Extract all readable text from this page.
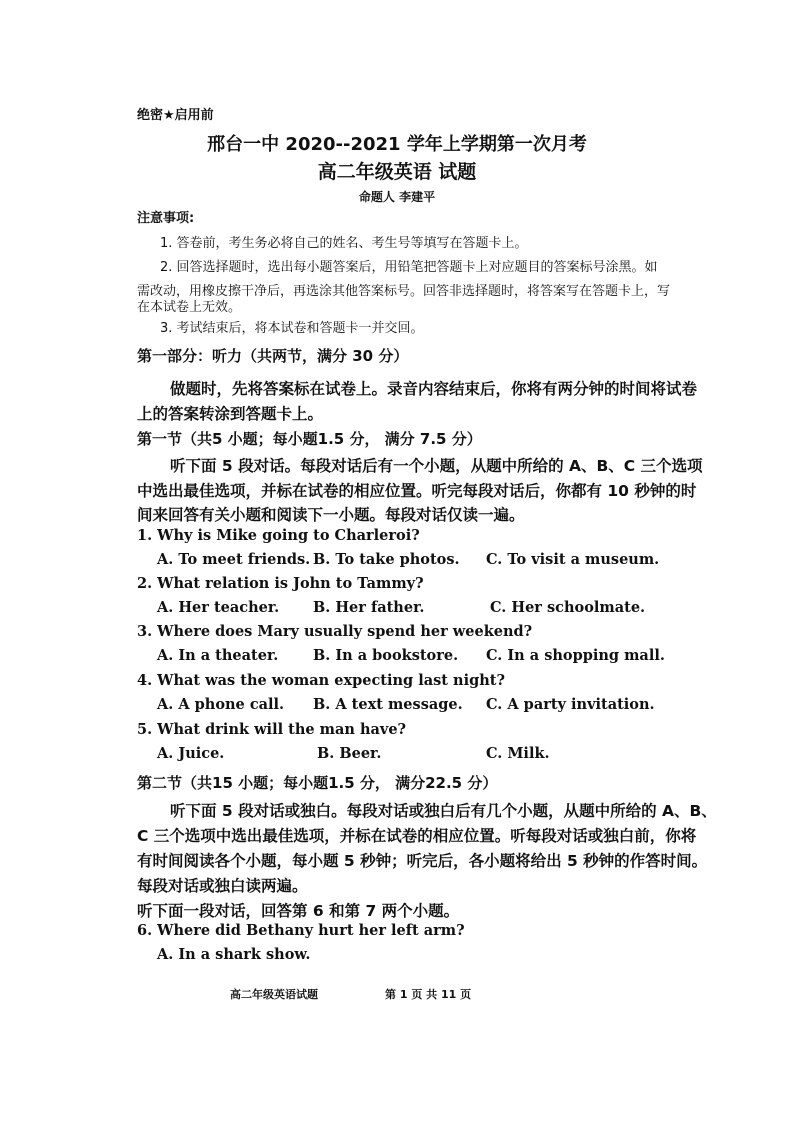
绝密★启用前
邢台一中 2020--2021 学年上学期第一次月考
高二年级英语 试题
命题人 李建平
注意事项:
1. 答卷前，考生务必将自己的姓名、考生号等填写在答题卡上。
2. 回答选择题时，选出每小题答案后，用铅笔把答题卡上对应题目的答案标号涂黑。如
需改动，用橡皮擦干净后，再选涂其他答案标号。回答非选择题时，将答案写在答题卡上，写
在本试卷上无效。
3. 考试结束后，将本试卷和答题卡一并交回。
第一部分：听力（共两节，满分 30 分）
做题时，先将答案标在试卷上。录音内容结束后，你将有两分钟的时间将试卷
上的答案转涂到答题卡上。
第一节（共5 小题；每小题1.5 分， 满分 7.5 分）
听下面 5 段对话。每段对话后有一个小题，从题中所给的 A、B、C 三个选项
中选出最佳选项，并标在试卷的相应位置。听完每段对话后，你都有 10 秒钟的时
间来回答有关小题和阅读下一小题。每段对话仅读一遍。
1. Why is Mike going to Charleroi?
A. To meet friends. B. To take photos. C. To visit a museum.
2. What relation is John to Tammy?
A. Her teacher. B. Her father.	C. Her schoolmate.
3. Where does Mary usually spend her weekend?
A. In a theater. B. In a bookstore. C. In a shopping mall.
4. What was the woman expecting last night?
A. A phone call. B. A text message. C. A party invitation.
5. What drink will the man have?
A. Juice.	B. Beer.	C. Milk.
第二节（共15 小题；每小题1.5 分， 满分22.5 分）
听下面 5 段对话或独白。每段对话或独白后有几个小题，从题中所给的 A、B、
C 三个选项中选出最佳选项，并标在试卷的相应位置。听每段对话或独白前，你将
有时间阅读各个小题，每小题 5 秒钟；听完后，各小题将给出 5 秒钟的作答时间。
每段对话或独白读两遍。
听下面一段对话，回答第 6 和第 7 两个小题。
6. Where did Bethany hurt her left arm?
A. In a shark show.
高二年级英语试题	第 1 页 共 11 页
